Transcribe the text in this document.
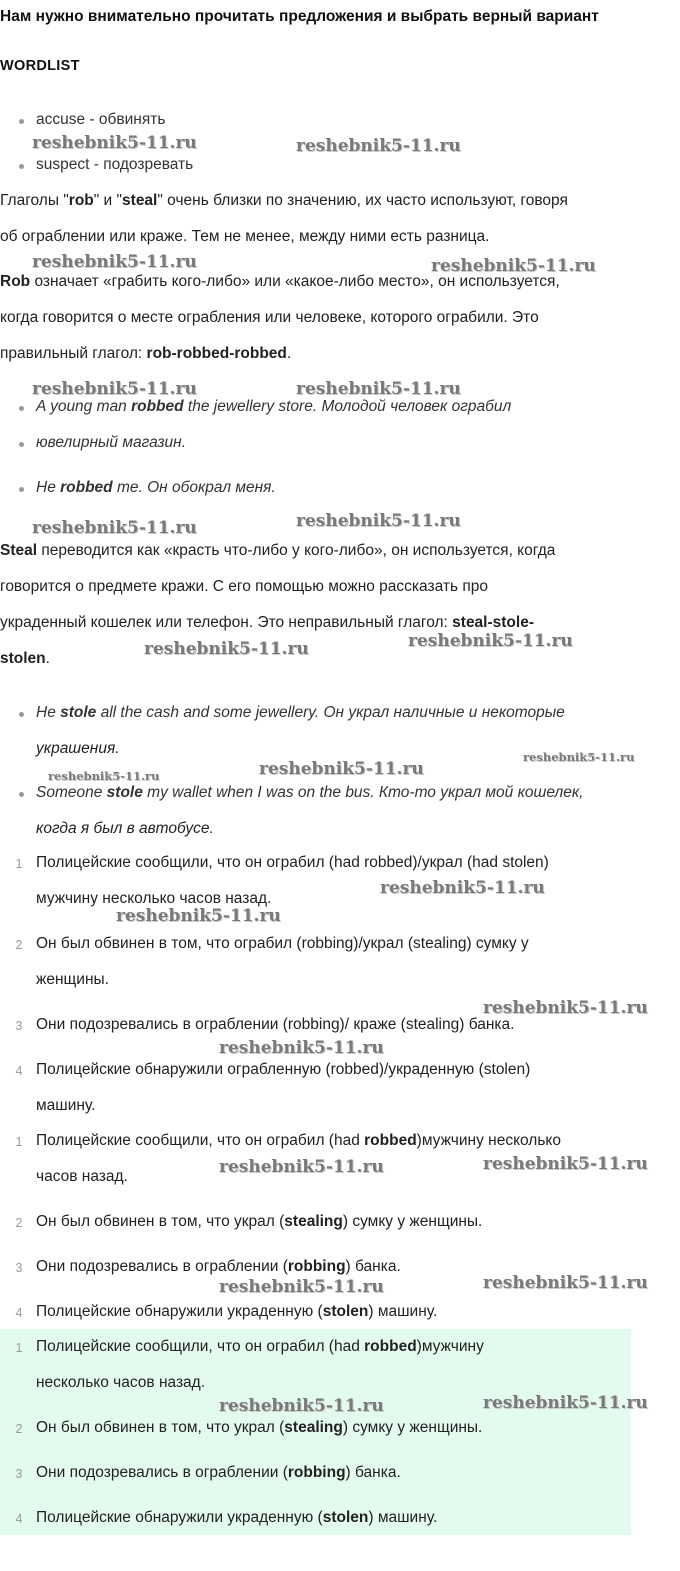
Нам нужно внимательно прочитать предложения и выбрать верный вариант
WORDLIST
accuse - обвинять
suspect - подозревать
Глаголы "rob" и "steal" очень близки по значению, их часто используют, говоря
об ограблении или краже. Тем не менее, между ними есть разница.
Rob означает «грабить кого-либо» или «какое-либо место», он используется,
когда говорится о месте ограбления или человеке, которого ограбили. Это
правильный глагол: rob-robbed-robbed.
A young man robbed the jewellery store. Молодой человек ограбил
ювелирный магазин.
He robbed me. Он обокрал меня.
Steal переводится как «красть что-либо у кого-либо», он используется, когда
говорится о предмете кражи. С его помощью можно рассказать про
украденный кошелек или телефон. Это неправильный глагол: steal-stole-
stolen.
He stole all the cash and some jewellery. Он украл наличные и некоторые
украшения.
Someone stole my wallet when I was on the bus. Кто-то украл мой кошелек,
когда я был в автобусе.
1 Полицейские сообщили, что он ограбил (had robbed)/украл (had stolen)
мужчину несколько часов назад.
2 Он был обвинен в том, что ограбил (robbing)/украл (stealing) сумку у
женщины.
3 Они подозревались в ограблении (robbing)/ краже (stealing) банка.
4 Полицейские обнаружили ограбленную (robbed)/украденную (stolen)
машину.
1 Полицейские сообщили, что он ограбил (had robbed)мужчину несколько
часов назад.
2 Он был обвинен в том, что украл (stealing) сумку у женщины.
3 Они подозревались в ограблении (robbing) банка.
4 Полицейские обнаружили украденную (stolen) машину.
1 Полицейские сообщили, что он ограбил (had robbed)мужчину
несколько часов назад.
2 Он был обвинен в том, что украл (stealing) сумку у женщины.
3 Они подозревались в ограблении (robbing) банка.
4 Полицейские обнаружили украденную (stolen) машину.
reshebnik5-11.ru	reshebnik5-11.ru
reshebnik5-11.ru	reshebnik5-11.ru
reshebnik5-11.ru	reshebnik5-11.ru
reshebnik5-11.ru	reshebnik5-11.ru
reshebnik5-11.ru
reshebnik5-11.ru
reshebnik5-11.ru
reshebnik5-11.ru
reshebnik5-11.ru
reshebnik5-11.ru
reshebnik5-11.ru
reshebnik5-11.ru
reshebnik5-11.ru
reshebnik5-11.ru	reshebnik5-11.ru
reshebnik5-11.ru	reshebnik5-11.ru
reshebnik5-11.ru	reshebnik5-11.ru
